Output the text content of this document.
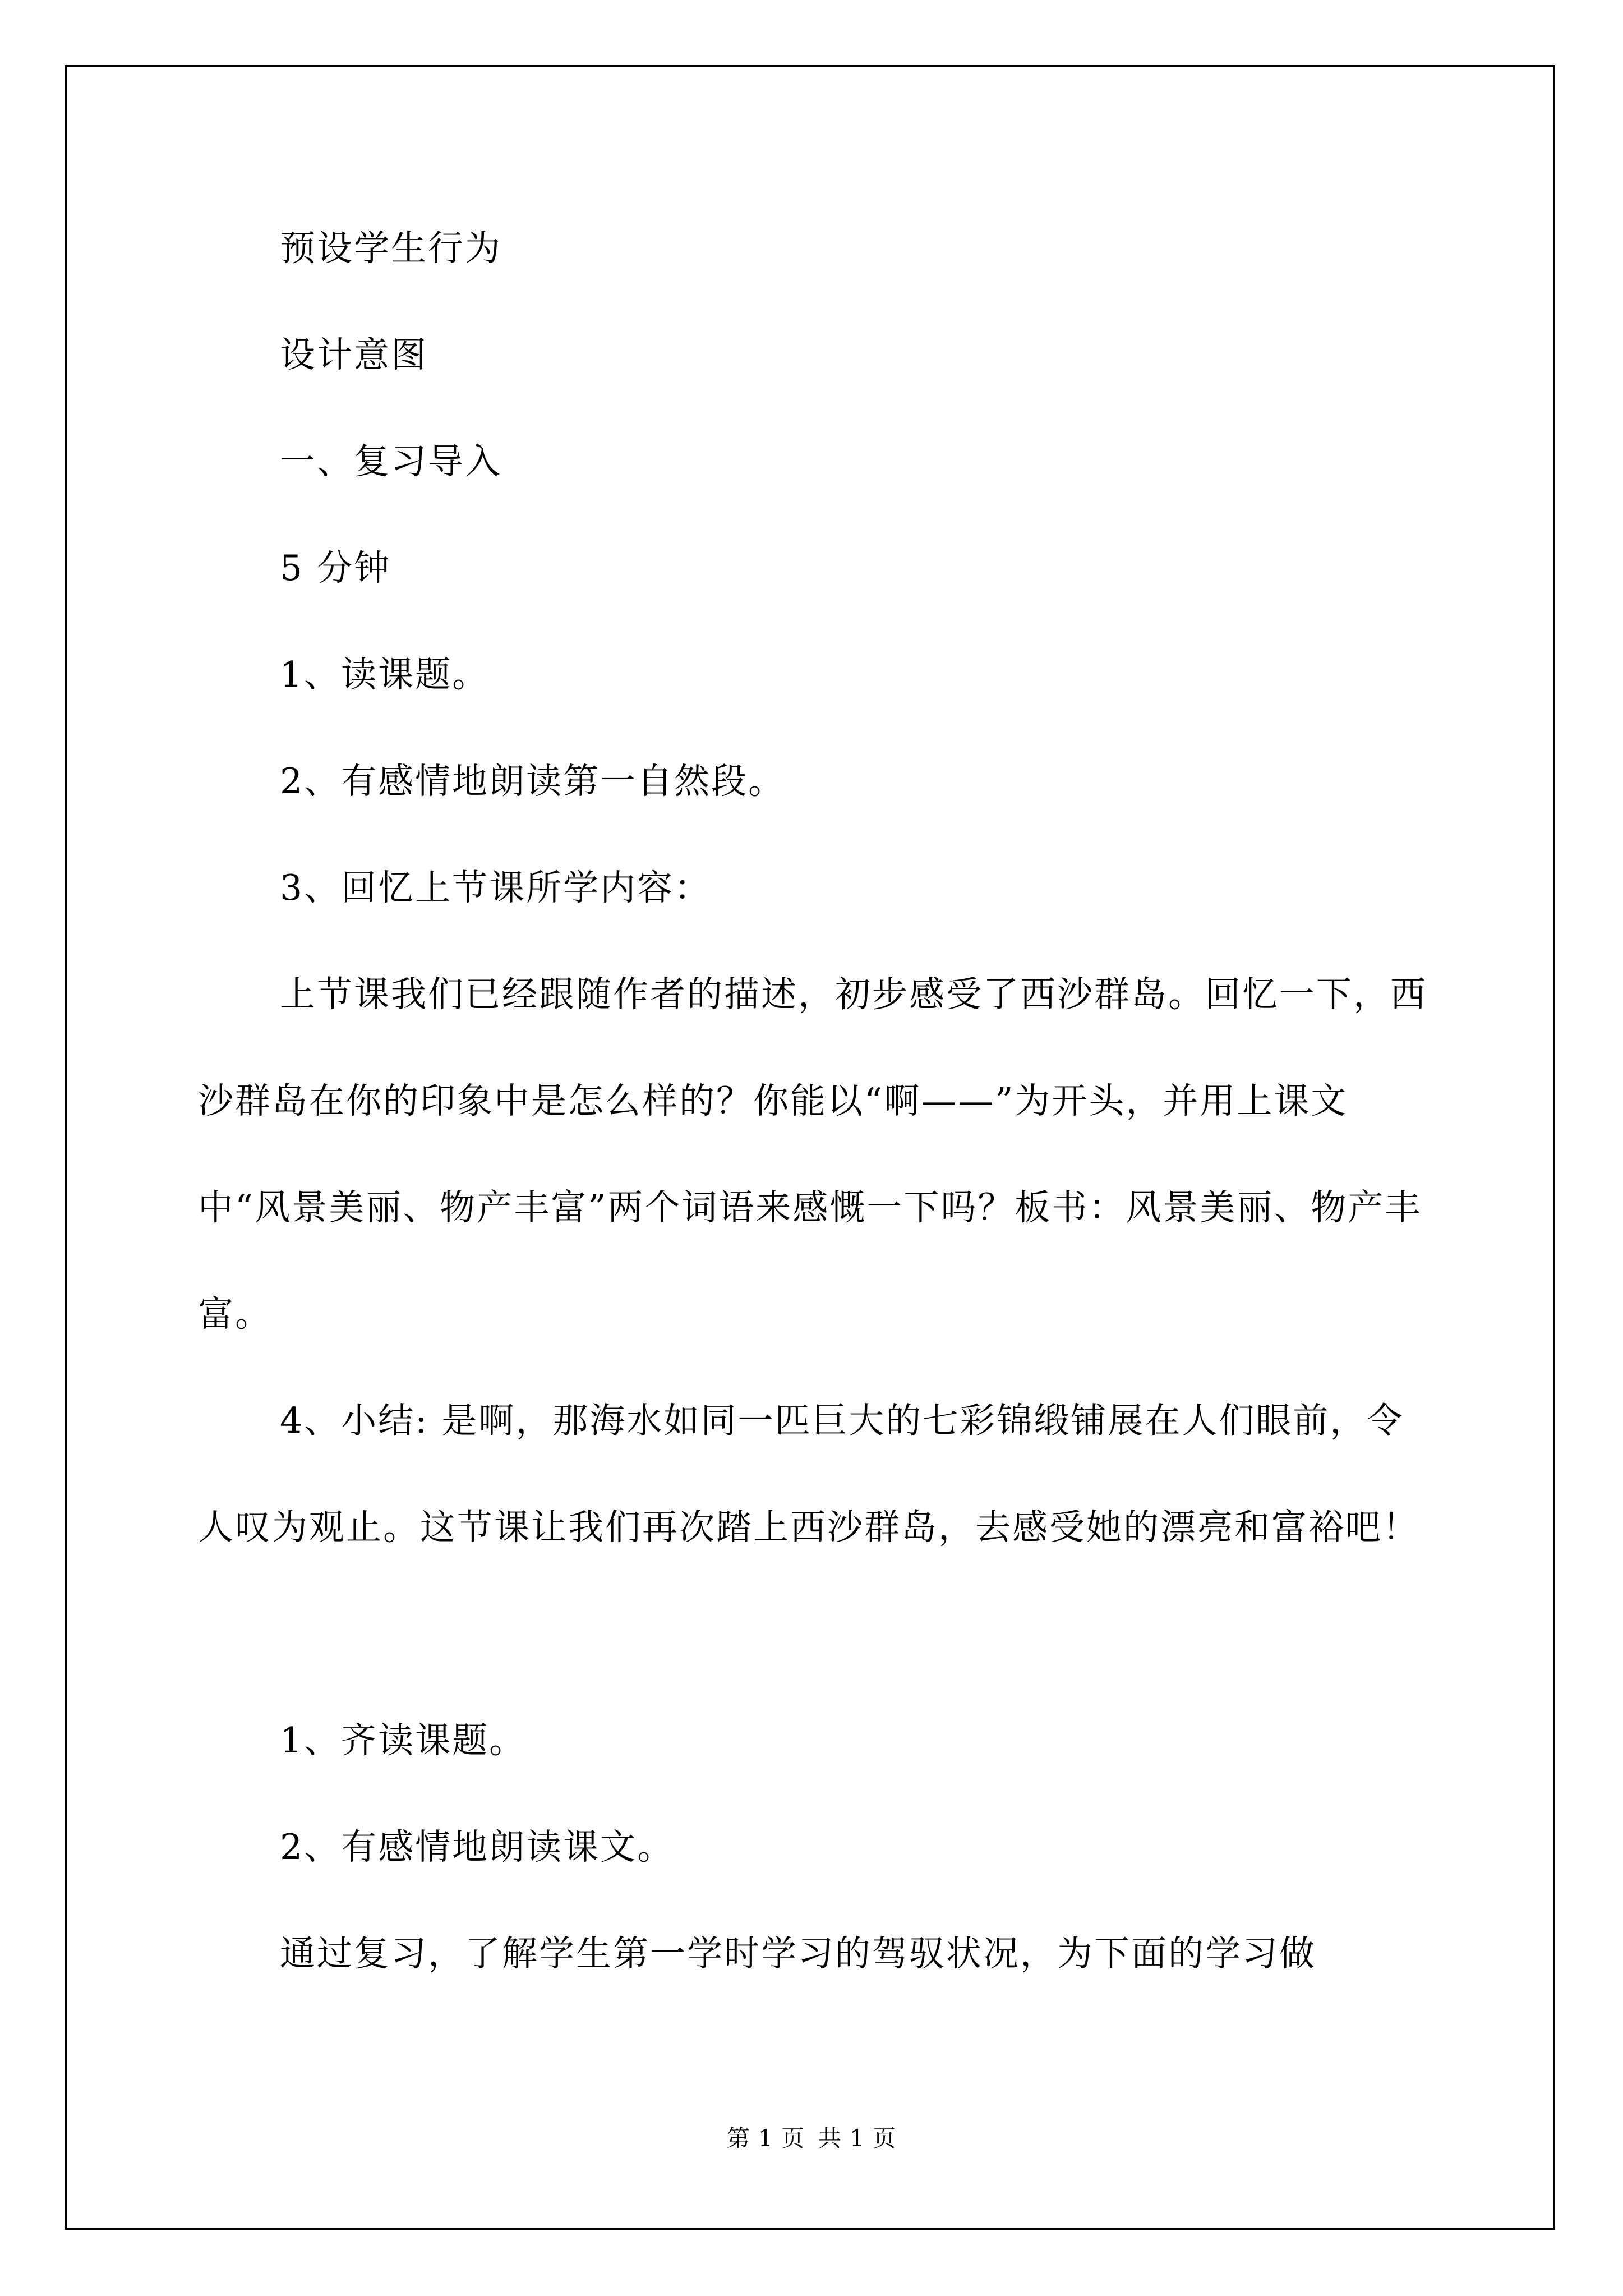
预设学生行为

设计意图

一、复习导入

5 分钟

1、读课题。

2、有感情地朗读第一自然段。

3、回忆上节课所学内容：

上节课我们已经跟随作者的描述，初步感受了西沙群岛。回忆一下，西沙群岛在你的印象中是怎么样的？你能以“啊——”为开头，并用上课文中“风景美丽、物产丰富”两个词语来感慨一下吗？板书：风景美丽、物产丰富。

4、小结: 是啊，那海水如同一匹巨大的七彩锦缎铺展在人们眼前，令人叹为观止。这节课让我们再次踏上西沙群岛，去感受她的漂亮和富裕吧！

1、齐读课题。

2、有感情地朗读课文。

通过复习，了解学生第一学时学习的驾驭状况，为下面的学习做

第 1 页 共 1 页
